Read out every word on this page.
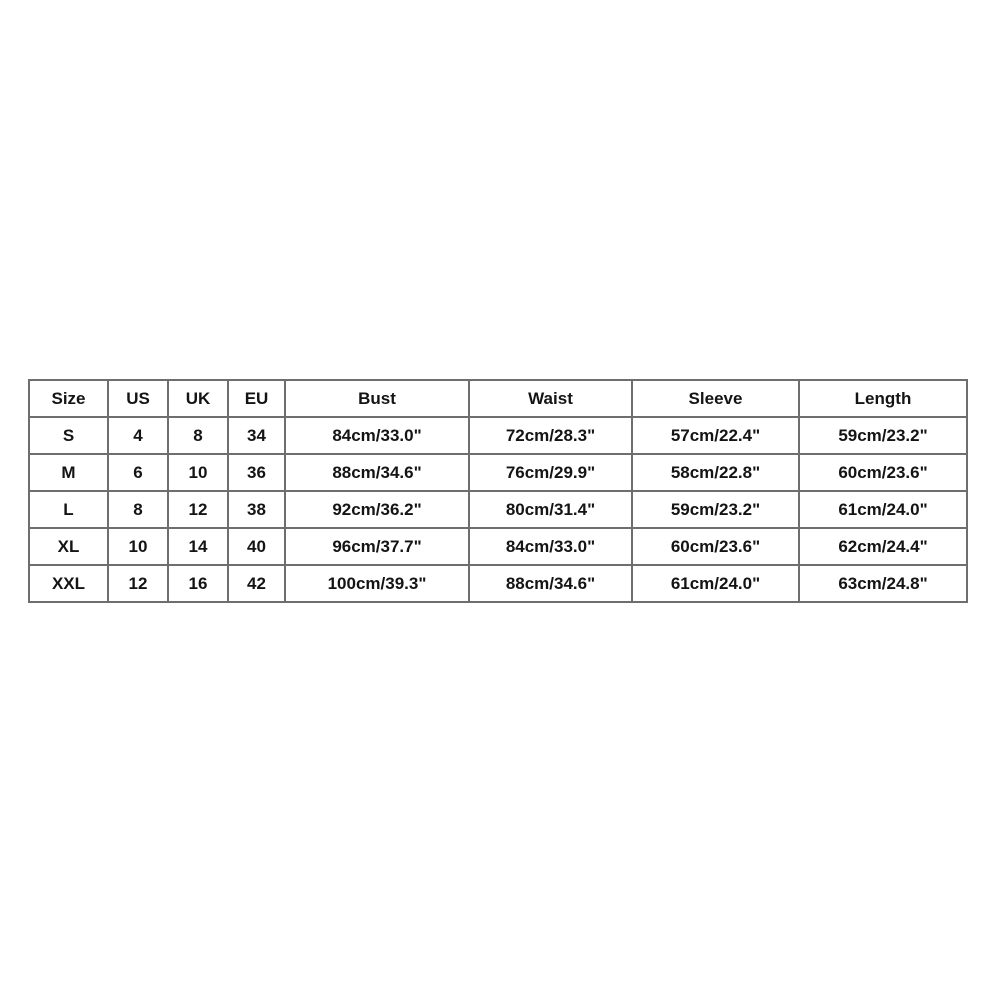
Size	US	UK	EU	Bust	Waist	Sleeve	Length
S	4	8	34	84cm/33.0"	72cm/28.3"	57cm/22.4"	59cm/23.2"
M	6	10	36	88cm/34.6"	76cm/29.9"	58cm/22.8"	60cm/23.6"
L	8	12	38	92cm/36.2"	80cm/31.4"	59cm/23.2"	61cm/24.0"
XL	10	14	40	96cm/37.7"	84cm/33.0"	60cm/23.6"	62cm/24.4"
XXL	12	16	42	100cm/39.3"	88cm/34.6"	61cm/24.0"	63cm/24.8"
